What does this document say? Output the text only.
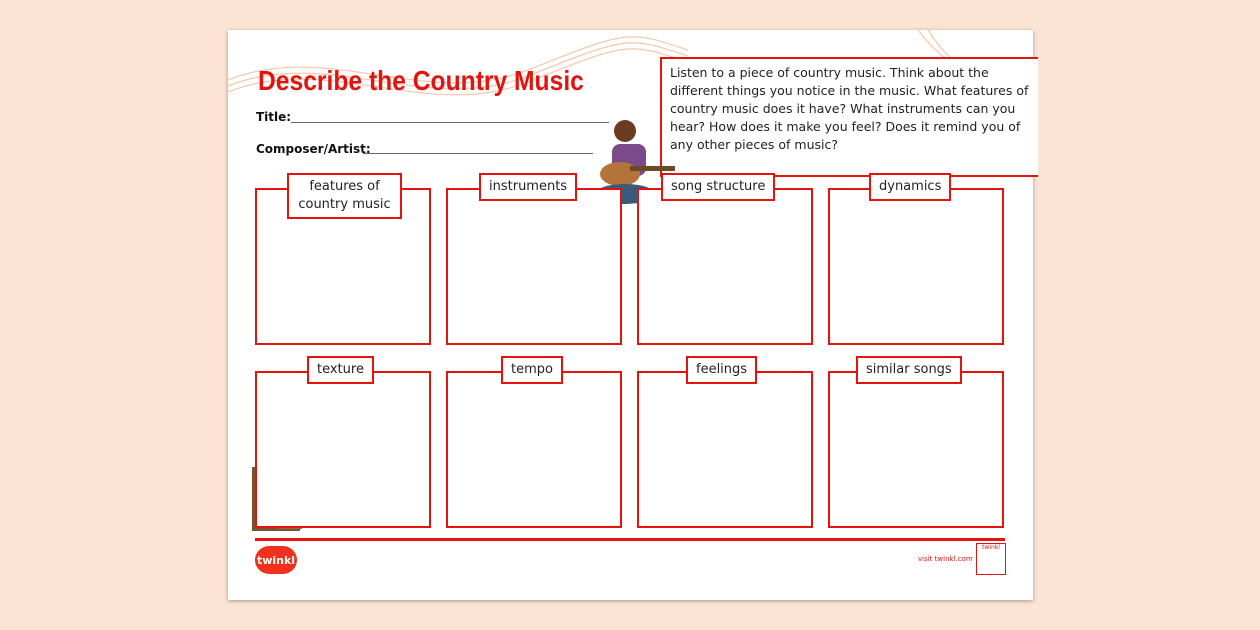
Describe the Country Music
Title:
Composer/Artist:
Listen to a piece of country music. Think about the different things you notice in the music. What features of country music does it have? What instruments can you hear? How does it make you feel? Does it remind you of any other pieces of music?
features of country music
instruments	song structure	dynamics
texture	tempo	feelings	similar songs
twinkl	visit twinkl.com
twinkl
